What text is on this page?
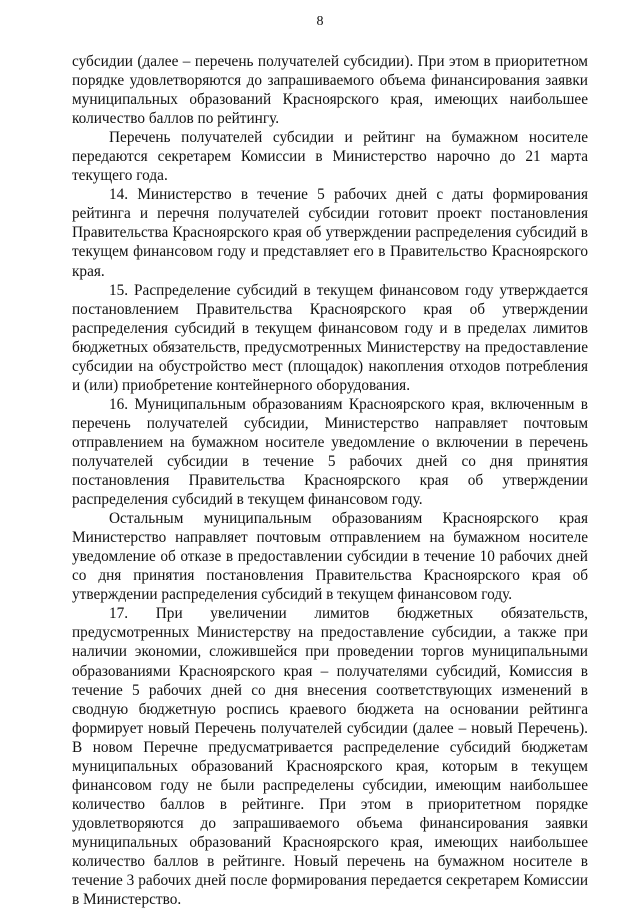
8

субсидии (далее – перечень получателей субсидии). При этом в приоритетном порядке удовлетворяются до запрашиваемого объема финансирования заявки муниципальных образований Красноярского края, имеющих наибольшее количество баллов по рейтингу.

Перечень получателей субсидии и рейтинг на бумажном носителе передаются секретарем Комиссии в Министерство нарочно до 21 марта текущего года.

14. Министерство в течение 5 рабочих дней с даты формирования рейтинга и перечня получателей субсидии готовит проект постановления Правительства Красноярского края об утверждении распределения субсидий в текущем финансовом году и представляет его в Правительство Красноярского края.

15. Распределение субсидий в текущем финансовом году утверждается постановлением Правительства Красноярского края об утверждении распределения субсидий в текущем финансовом году и в пределах лимитов бюджетных обязательств, предусмотренных Министерству на предоставление субсидии на обустройство мест (площадок) накопления отходов потребления и (или) приобретение контейнерного оборудования.

16. Муниципальным образованиям Красноярского края, включенным в перечень получателей субсидии, Министерство направляет почтовым отправлением на бумажном носителе уведомление о включении в перечень получателей субсидии в течение 5 рабочих дней со дня принятия постановления Правительства Красноярского края об утверждении распределения субсидий в текущем финансовом году.

Остальным муниципальным образованиям Красноярского края Министерство направляет почтовым отправлением на бумажном носителе уведомление об отказе в предоставлении субсидии в течение 10 рабочих дней со дня принятия постановления Правительства Красноярского края об утверждении распределения субсидий в текущем финансовом году.

17. При увеличении лимитов бюджетных обязательств, предусмотренных Министерству на предоставление субсидии, а также при наличии экономии, сложившейся при проведении торгов муниципальными образованиями Красноярского края – получателями субсидий, Комиссия в течение 5 рабочих дней со дня внесения соответствующих изменений в сводную бюджетную роспись краевого бюджета на основании рейтинга формирует новый Перечень получателей субсидии (далее – новый Перечень). В новом Перечне предусматривается распределение субсидий бюджетам муниципальных образований Красноярского края, которым в текущем финансовом году не были распределены субсидии, имеющим наибольшее количество баллов в рейтинге. При этом в приоритетном порядке удовлетворяются до запрашиваемого объема финансирования заявки муниципальных образований Красноярского края, имеющих наибольшее количество баллов в рейтинге. Новый перечень на бумажном носителе в течение 3 рабочих дней после формирования передается секретарем Комиссии в Министерство.
